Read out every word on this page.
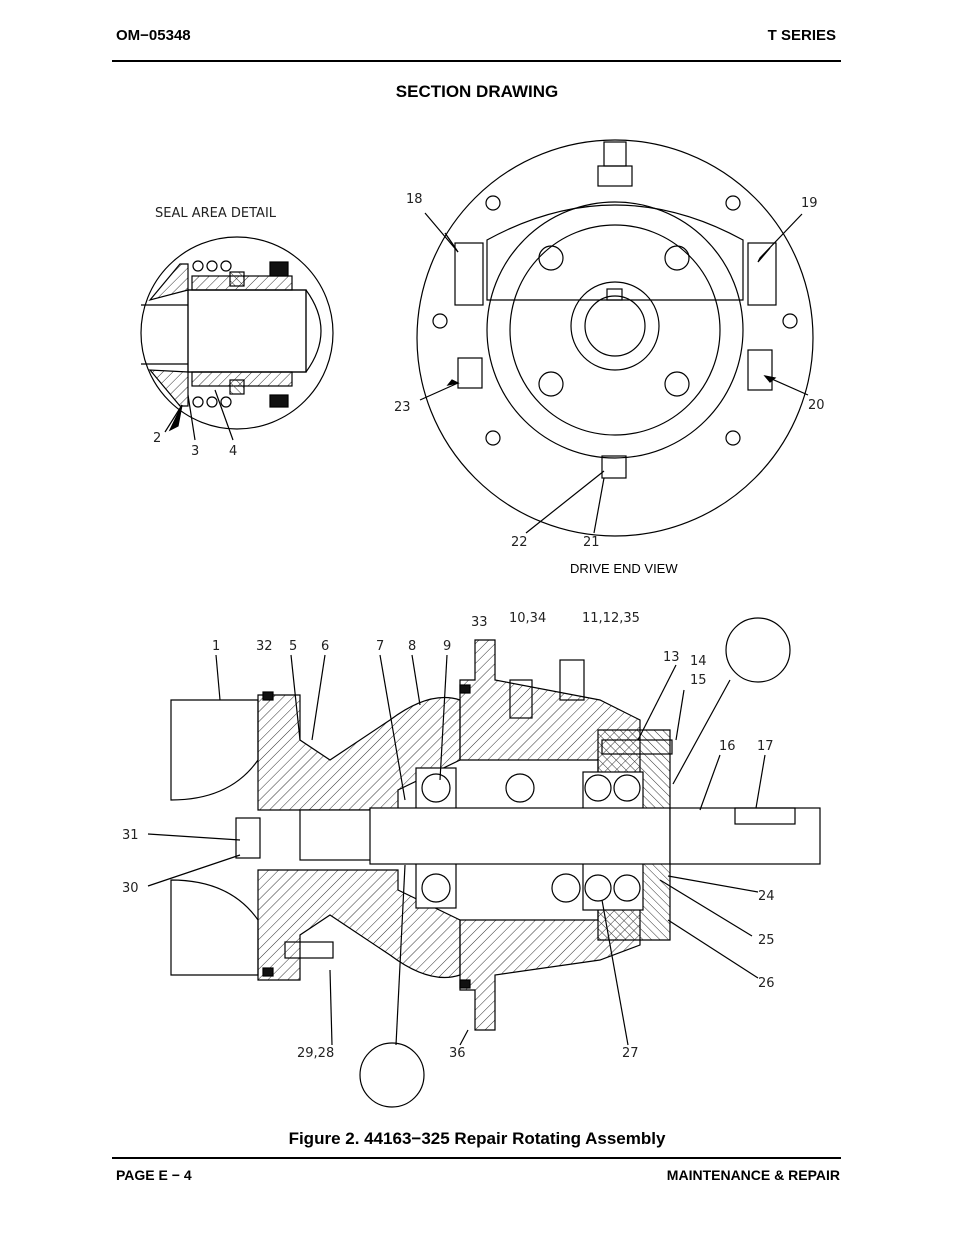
OM−05348	T SERIES
SECTION DRAWING
SEAL AREA DETAIL
2
3 4
18	19
23	20
22	21
DRIVE END VIEW
1	32 5 6	7 8 9
33 10,34	11,12,35
13 14
15
16 17
31
30
24
25
26
29,28	36	27
Figure 2. 44163−325 Repair Rotating Assembly
PAGE E − 4	MAINTENANCE & REPAIR
